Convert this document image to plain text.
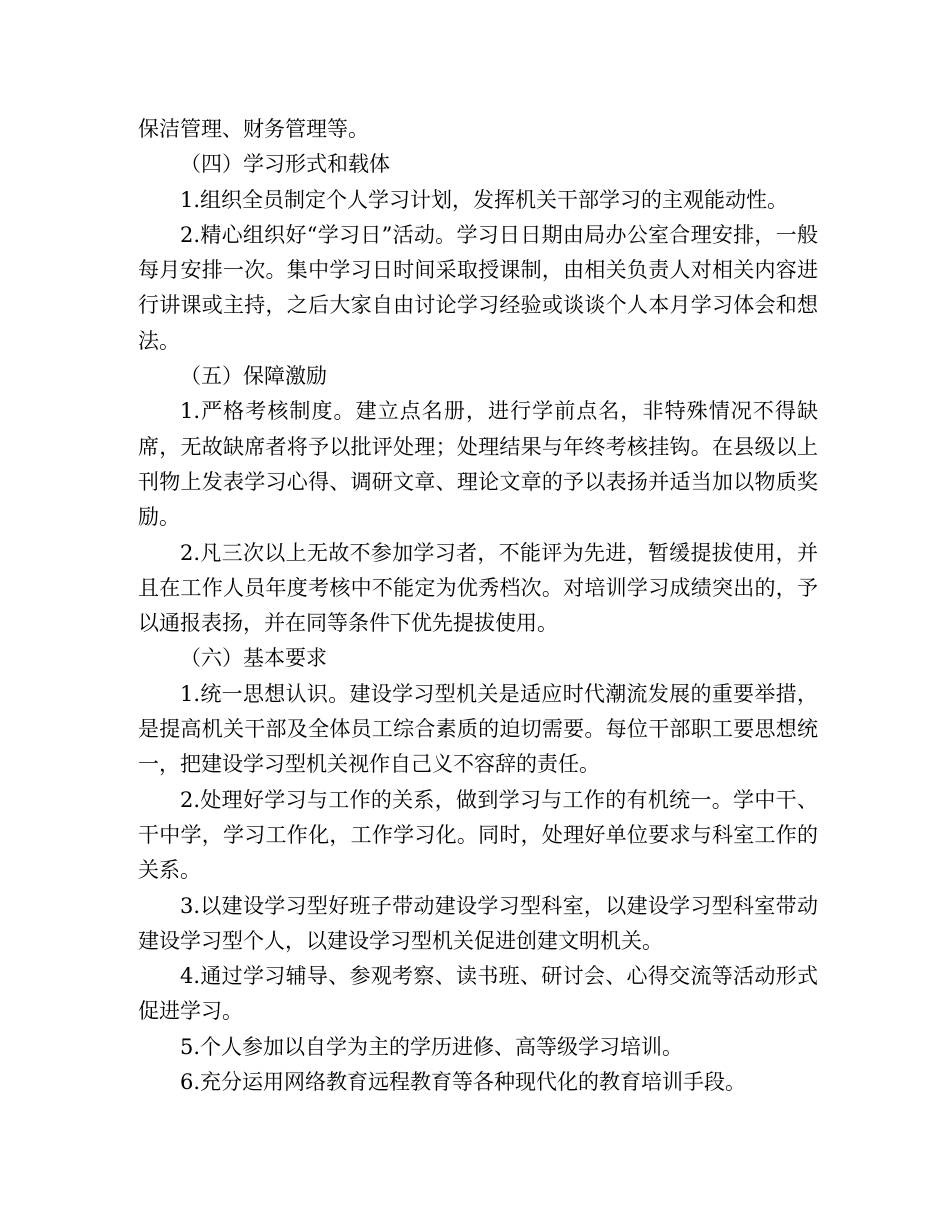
保洁管理、财务管理等。

（四）学习形式和载体

1.组织全员制定个人学习计划，发挥机关干部学习的主观能动性。

2.精心组织好“学习日”活动。学习日日期由局办公室合理安排，一般每月安排一次。集中学习日时间采取授课制，由相关负责人对相关内容进行讲课或主持，之后大家自由讨论学习经验或谈谈个人本月学习体会和想法。

（五）保障激励

1.严格考核制度。建立点名册，进行学前点名，非特殊情况不得缺席，无故缺席者将予以批评处理；处理结果与年终考核挂钩。在县级以上刊物上发表学习心得、调研文章、理论文章的予以表扬并适当加以物质奖励。

2.凡三次以上无故不参加学习者，不能评为先进，暂缓提拔使用，并且在工作人员年度考核中不能定为优秀档次。对培训学习成绩突出的，予以通报表扬，并在同等条件下优先提拔使用。

（六）基本要求

1.统一思想认识。建设学习型机关是适应时代潮流发展的重要举措，是提高机关干部及全体员工综合素质的迫切需要。每位干部职工要思想统一，把建设学习型机关视作自己义不容辞的责任。

2.处理好学习与工作的关系，做到学习与工作的有机统一。学中干、干中学，学习工作化，工作学习化。同时，处理好单位要求与科室工作的关系。

3.以建设学习型好班子带动建设学习型科室，以建设学习型科室带动建设学习型个人，以建设学习型机关促进创建文明机关。

4.通过学习辅导、参观考察、读书班、研讨会、心得交流等活动形式促进学习。

5.个人参加以自学为主的学历进修、高等级学习培训。

6.充分运用网络教育远程教育等各种现代化的教育培训手段。
